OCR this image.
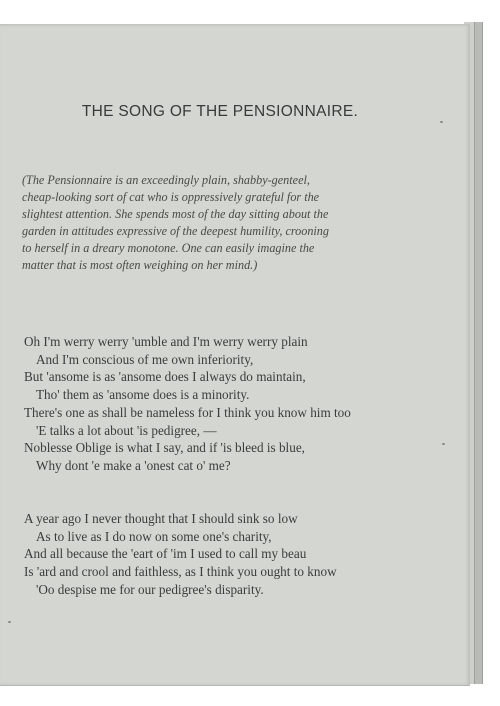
THE SONG OF THE PENSIONNAIRE.
(The Pensionnaire is an exceedingly plain, shabby-genteel,
cheap-looking sort of cat who is oppressively grateful for the
slightest attention. She spends most of the day sitting about the
garden in attitudes expressive of the deepest humility, crooning
to herself in a dreary monotone. One can easily imagine the
matter that is most often weighing on her mind.)
Oh I'm werry werry 'umble and I'm werry werry plain
And I'm conscious of me own inferiority,
But 'ansome is as 'ansome does I always do maintain,
Tho' them as 'ansome does is a minority.
There's one as shall be nameless for I think you know him too
'E talks a lot about 'is pedigree, —
Noblesse Oblige is what I say, and if 'is bleed is blue,
Why dont 'e make a 'onest cat o' me?
A year ago I never thought that I should sink so low
As to live as I do now on some one's charity,
And all because the 'eart of 'im I used to call my beau
Is 'ard and crool and faithless, as I think you ought to know
'Oo despise me for our pedigree's disparity.
